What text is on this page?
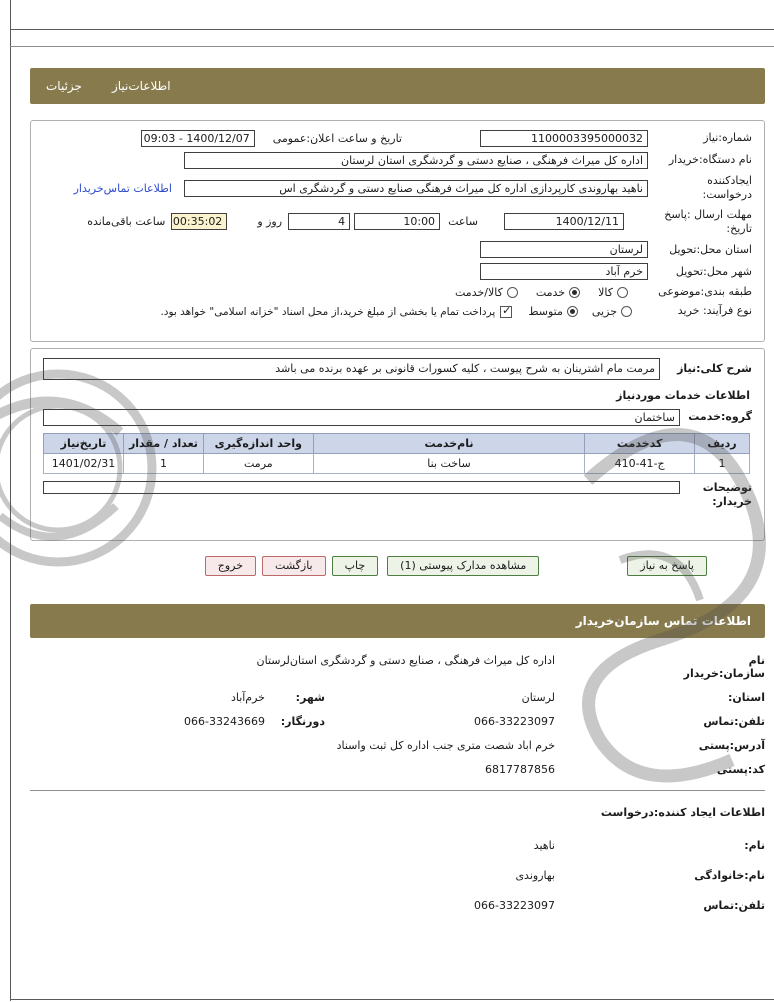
اطلاعات‌نیاز
جزئیات
شماره:نیاز
1100003395000032
تاریخ و ساعت اعلان:عمومی
1400/12/07 - 09:03
نام دستگاه:خریدار
اداره کل میراث فرهنگی ، صنایع دستی و گردشگری استان لرستان
ایجادکننده
درخواست:
ناهید بهاروندی کارپردازی اداره کل میراث فرهنگی صنایع دستی و گردشگری اس
اطلاعات تماس‌خریدار
مهلت ارسال :پاسخ
تاریخ:
1400/12/11
ساعت
10:00
4
روز و
00:35:02
ساعت باقی‌مانده
استان محل:تحویل
لرستان
شهر محل:تحویل
خرم آباد
طبقه بندی:موضوعی
کالا
خدمت
کالا/خدمت
نوع فرآیند: خرید
جزیی
متوسط
✓
پرداخت تمام یا بخشی از مبلغ خرید،از محل اسناد "خزانه اسلامی" خواهد بود.
شرح کلی:نیاز
مرمت مام اشترینان به شرح پیوست ، کلیه کسورات قانونی بر عهده برنده می باشد
اطلاعات خدمات موردنیاز
گروه:خدمت
ساختمان
ردیف	کدخدمت	نام‌خدمت	واحد اندازه‌گیری	تعداد / مقدار	تاریخ‌نیاز
1	ج-41-410	ساخت بنا	مرمت	1	1401/02/31
توضیحات
خریدار:
پاسخ به نیاز
مشاهده مدارک پیوستی (1)
چاپ
بازگشت
خروج
اطلاعات تماس سازمان‌خریدار
نام سازمان:خریدار
اداره کل میراث فرهنگی ، صنایع دستی و گردشگری استان‌لرستان
استان:
لرستان
شهر:
خرم‌آباد
تلفن:تماس
066-33223097
دورنگار:
066-33243669
آدرس:پستی
خرم اباد شصت متری جنب اداره کل ثبت واسناد
کد:پستی
6817787856
اطلاعات ایجاد کننده:درخواست
نام:
ناهید
نام:خانوادگی
بهاروندی
تلفن:تماس
066-33223097
